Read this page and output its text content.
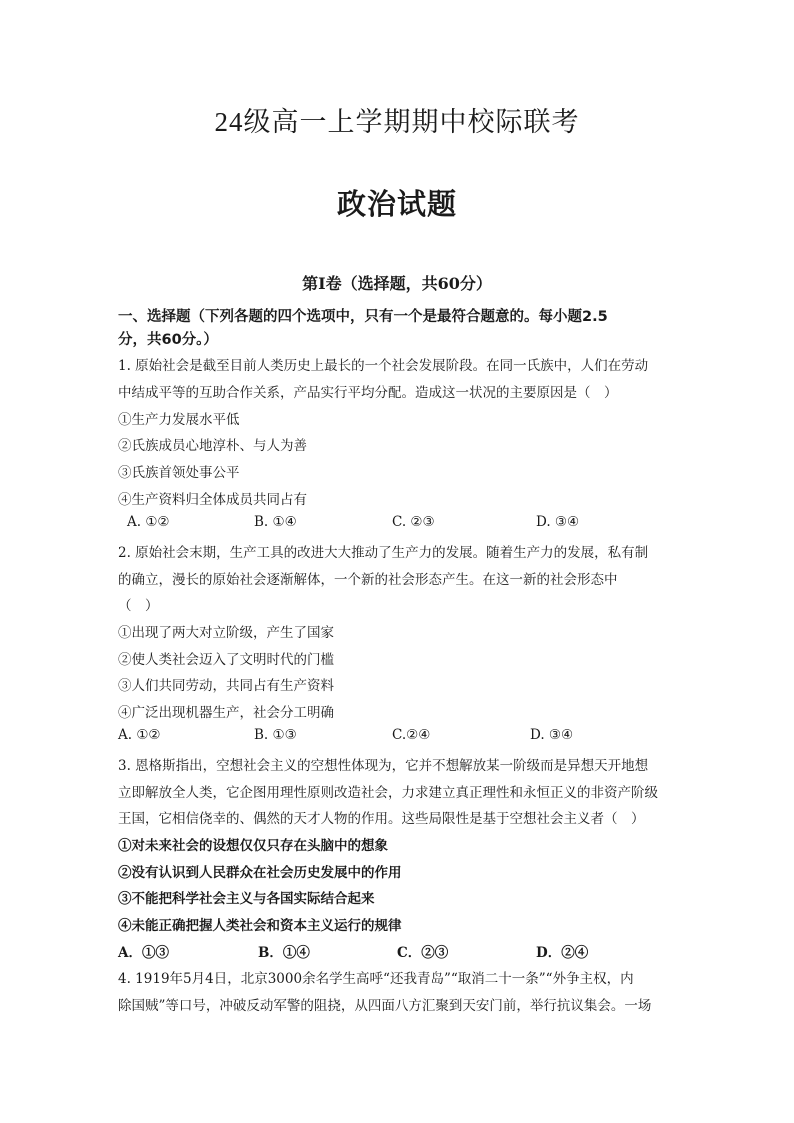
24级高一上学期期中校际联考
政治试题
第Ⅰ卷（选择题，共60分）
一、选择题（下列各题的四个选项中，只有一个是最符合题意的。每小题2.5
分，共60分。）
1. 原始社会是截至目前人类历史上最长的一个社会发展阶段。在同一氏族中，人们在劳动
中结成平等的互助合作关系，产品实行平均分配。造成这一状况的主要原因是（　）
①生产力发展水平低
②氏族成员心地淳朴、与人为善
③氏族首领处事公平
④生产资料归全体成员共同占有
A. ①②	B. ①④	C. ②③	D. ③④
2. 原始社会末期，生产工具的改进大大推动了生产力的发展。随着生产力的发展，私有制
的确立，漫长的原始社会逐渐解体，一个新的社会形态产生。在这一新的社会形态中
（　）
①出现了两大对立阶级，产生了国家
②使人类社会迈入了文明时代的门槛
③人们共同劳动，共同占有生产资料
④广泛出现机器生产，社会分工明确
A. ①②	B. ①③	C.②④	D. ③④
3. 恩格斯指出，空想社会主义的空想性体现为，它并不想解放某一阶级而是异想天开地想
立即解放全人类，它企图用理性原则改造社会，力求建立真正理性和永恒正义的非资产阶级
王国，它相信侥幸的、偶然的天才人物的作用。这些局限性是基于空想社会主义者（　）
①对未来社会的设想仅仅只存在头脑中的想象
②没有认识到人民群众在社会历史发展中的作用
③不能把科学社会主义与各国实际结合起来
④未能正确把握人类社会和资本主义运行的规律
A．①③	B．①④	C．②③	D．②④
4. 1919年5月4日，北京3000余名学生高呼“还我青岛”“取消二十一条”“外争主权，内
除国贼”等口号，冲破反动军警的阻挠，从四面八方汇聚到天安门前，举行抗议集会。一场
